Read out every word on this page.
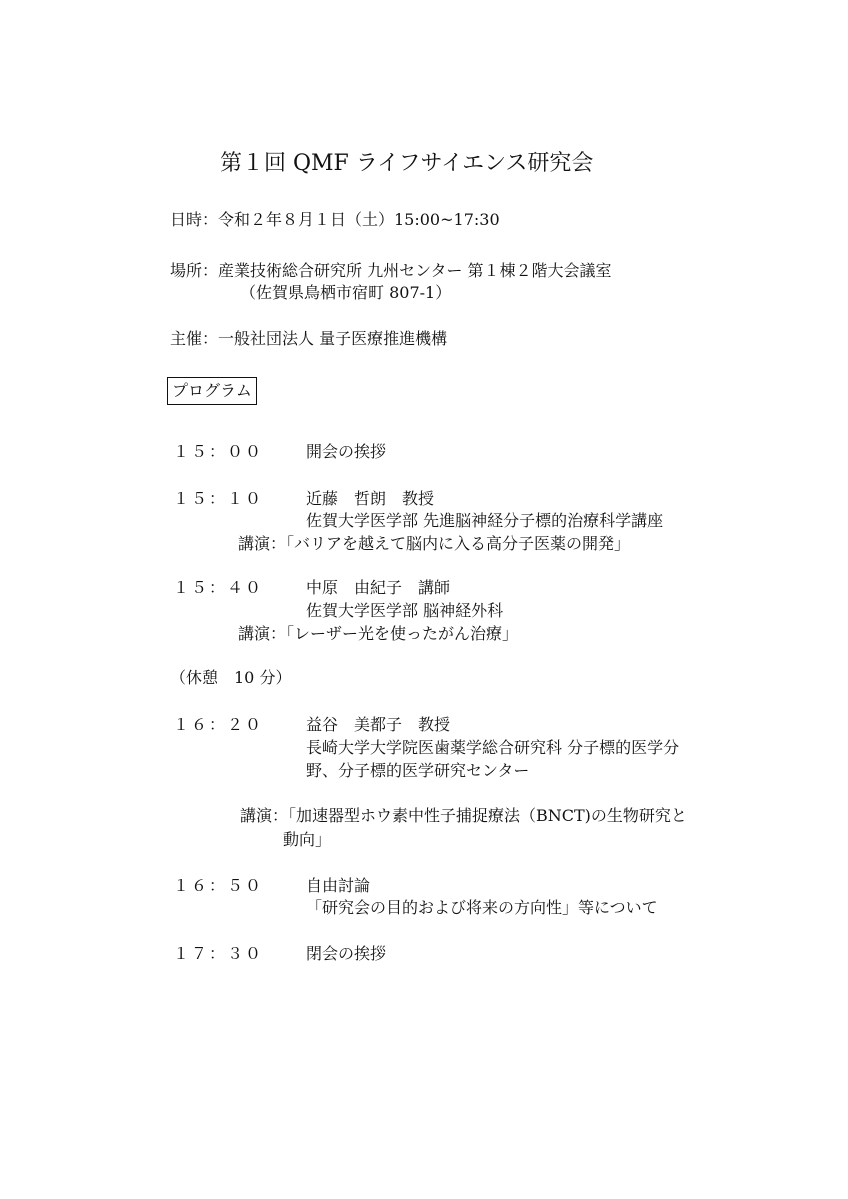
第１回 QMF ライフサイエンス研究会
日時：令和２年８月１日（土）15:00~17:30
場所：産業技術総合研究所 九州センター 第１棟２階大会議室
（佐賀県鳥栖市宿町 807-1）
主催：一般社団法人 量子医療推進機構
プログラム
１５：００	開会の挨拶
１５：１０	近藤　哲朗　教授
佐賀大学医学部 先進脳神経分子標的治療科学講座
講演：「バリアを越えて脳内に入る高分子医薬の開発」
１５：４０	中原　由紀子　講師
佐賀大学医学部 脳神経外科
講演：「レーザー光を使ったがん治療」
（休憩　10 分）
１６：２０	益谷　美都子　教授
長崎大学大学院医歯薬学総合研究科 分子標的医学分
野、分子標的医学研究センター
講演：「加速器型ホウ素中性子捕捉療法（BNCT)の生物研究と
動向」
１６：５０	自由討論
「研究会の目的および将来の方向性」等について
１７：３０	閉会の挨拶
